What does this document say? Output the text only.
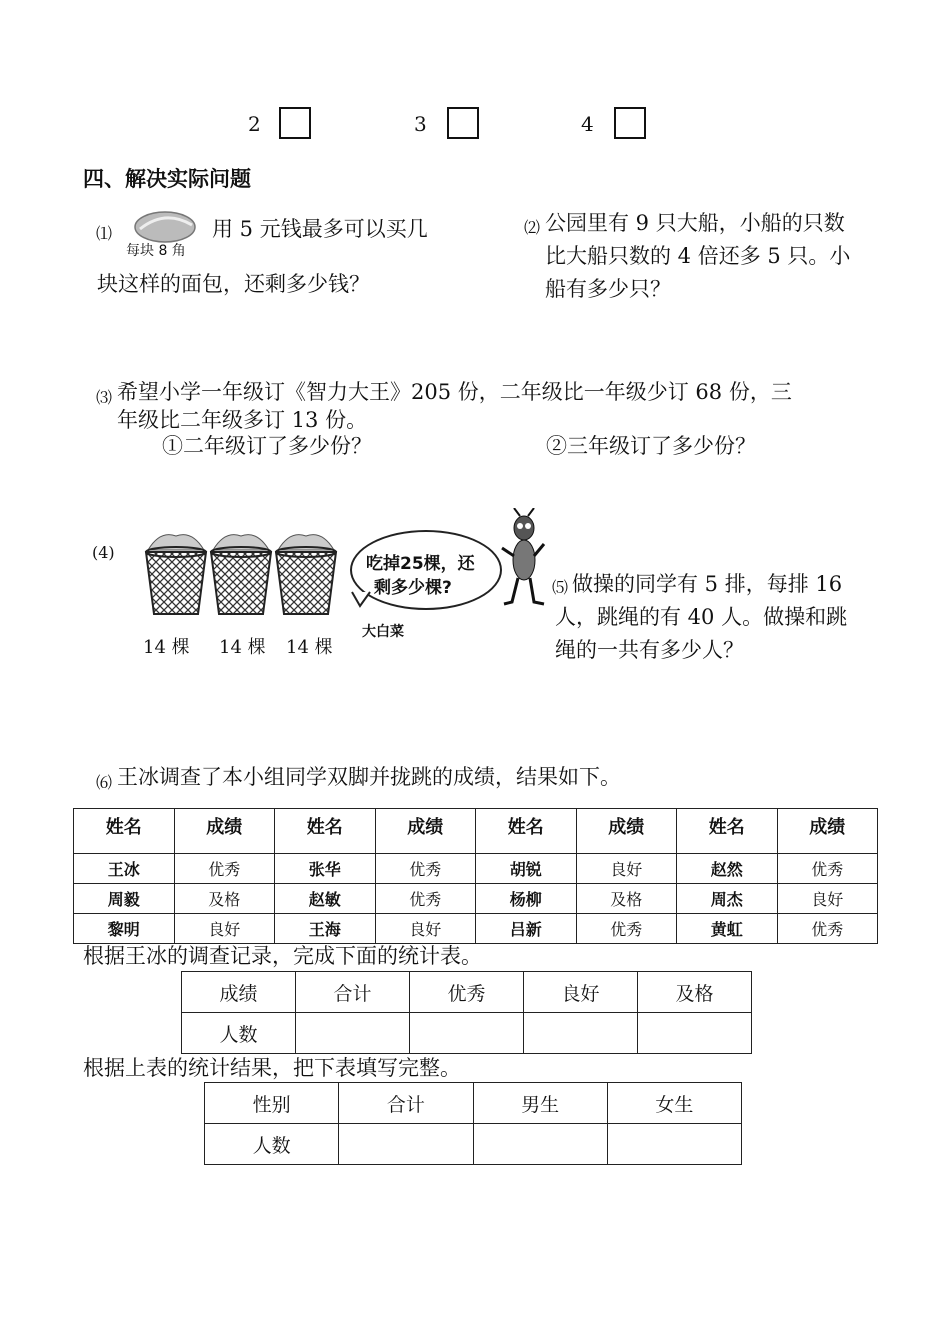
2	3	4
四、解决实际问题
⑴
每块 8 角
用 5 元钱最多可以买几
块这样的面包，还剩多少钱？
⑵ 公园里有 9 只大船，小船的只数
比大船只数的 4 倍还多 5 只。小
船有多少只？
⑶ 希望小学一年级订《智力大王》205 份，二年级比一年级少订 68 份，三
年级比二年级多订 13 份。
①二年级订了多少份？	②三年级订了多少份？
(4)
14 棵 14 棵 14 棵
吃掉25棵，还
剩多少棵?
大白菜
⑸ 做操的同学有 5 排，每排 16
人，跳绳的有 40 人。做操和跳
绳的一共有多少人？
⑹ 王冰调查了本小组同学双脚并拢跳的成绩，结果如下。
姓名	成绩	姓名	成绩	姓名	成绩	姓名	成绩
王冰	优秀	张华	优秀	胡锐	良好	赵然	优秀
周毅	及格	赵敏	优秀	杨柳	及格	周杰	良好
黎明	良好	王海	良好	吕新	优秀	黄虹	优秀
根据王冰的调查记录，完成下面的统计表。
成绩	合计	优秀	良好	及格
人数				
根据上表的统计结果，把下表填写完整。
性别	合计	男生	女生
人数			
